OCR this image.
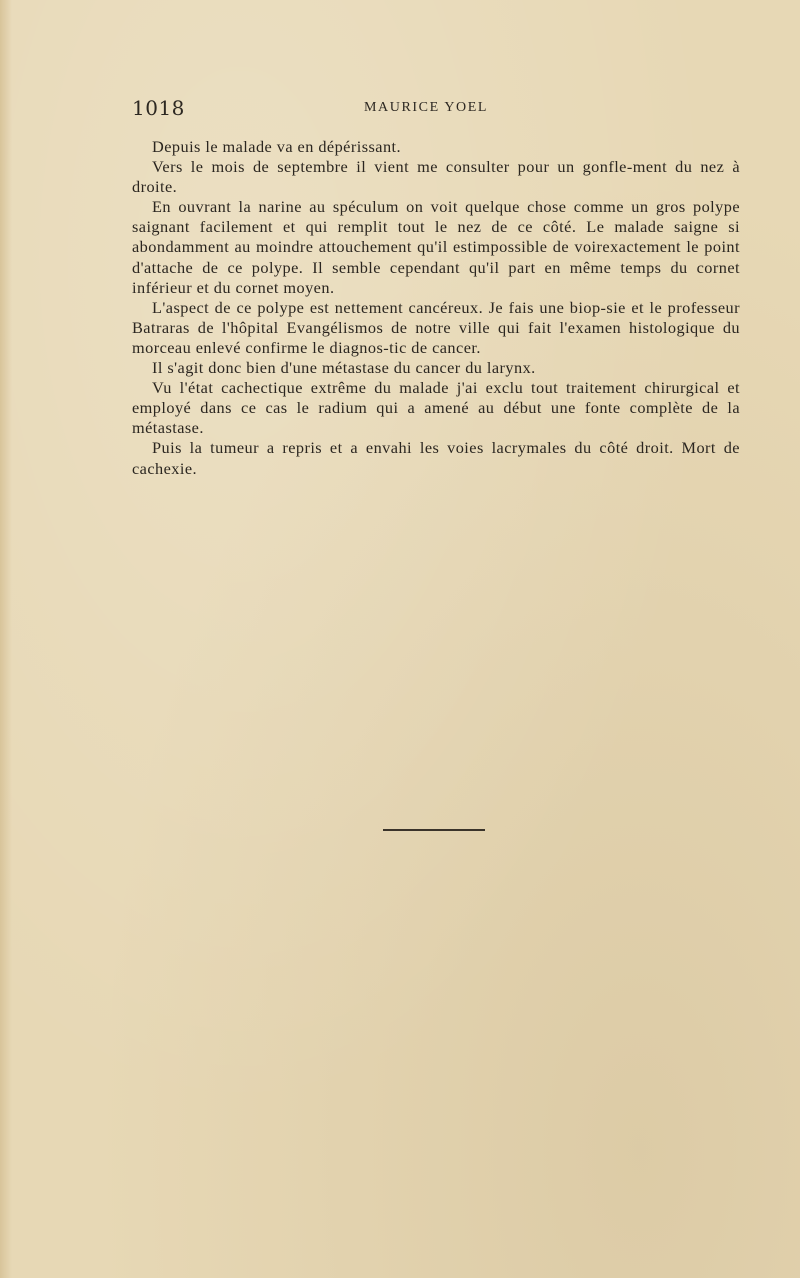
1018	MAURICE YOEL

Depuis le malade va en dépérissant.

Vers le mois de septembre il vient me consulter pour un gonfle-ment du nez à droite.

En ouvrant la narine au spéculum on voit quelque chose comme un gros polype saignant facilement et qui remplit tout le nez de ce côté. Le malade saigne si abondamment au moindre attouchement qu'il estimpossible de voirexactement le point d'attache de ce polype. Il semble cependant qu'il part en même temps du cornet inférieur et du cornet moyen.

L'aspect de ce polype est nettement cancéreux. Je fais une biop-sie et le professeur Batraras de l'hôpital Evangélismos de notre ville qui fait l'examen histologique du morceau enlevé confirme le diagnos-tic de cancer.

Il s'agit donc bien d'une métastase du cancer du larynx.

Vu l'état cachectique extrême du malade j'ai exclu tout traitement chirurgical et employé dans ce cas le radium qui a amené au début une fonte complète de la métastase.

Puis la tumeur a repris et a envahi les voies lacrymales du côté droit. Mort de cachexie.
